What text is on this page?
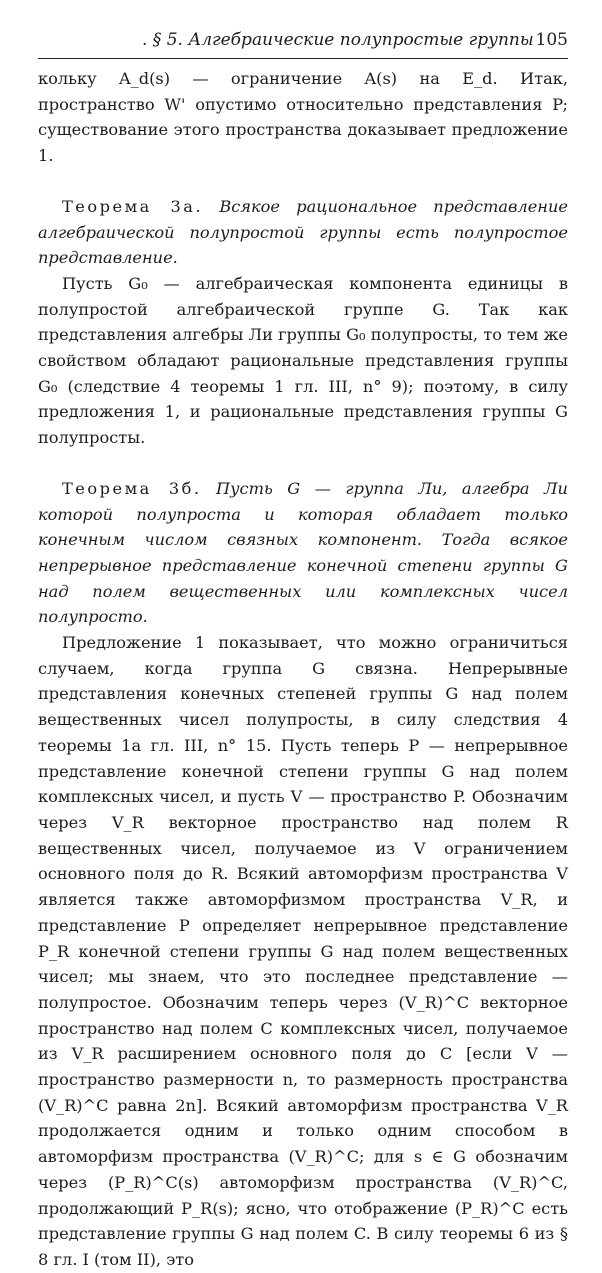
. § 5. Алгебраические полупростые группы 105

кольку A_d(s) — ограничение A(s) на E_d. Итак, пространство W' опустимо относительно представления P; существование этого пространства доказывает предложение 1.

Теорема 3а. Всякое рациональное представление алгебраической полупростой группы есть полупростое представление.

Пусть G₀ — алгебраическая компонента единицы в полупростой алгебраической группе G. Так как представления алгебры Ли группы G₀ полупросты, то тем же свойством обладают рациональные представления группы G₀ (следствие 4 теоремы 1 гл. III, n° 9); поэтому, в силу предложения 1, и рациональные представления группы G полупросты.

Теорема 3б. Пусть G — группа Ли, алгебра Ли которой полупроста и которая обладает только конечным числом связных компонент. Тогда всякое непрерывное представление конечной степени группы G над полем вещественных или комплексных чисел полупросто.

Предложение 1 показывает, что можно ограничиться случаем, когда группа G связна. Непрерывные представления конечных степеней группы G над полем вещественных чисел полупросты, в силу следствия 4 теоремы 1а гл. III, n° 15. Пусть теперь P — непрерывное представление конечной степени группы G над полем комплексных чисел, и пусть V — пространство P. Обозначим через V_R векторное пространство над полем R вещественных чисел, получаемое из V ограничением основного поля до R. Всякий автоморфизм пространства V является также автоморфизмом пространства V_R, и представление P определяет непрерывное представление P_R конечной степени группы G над полем вещественных чисел; мы знаем, что это последнее представление — полупростое. Обозначим теперь через (V_R)^C векторное пространство над полем C комплексных чисел, получаемое из V_R расширением основного поля до C [если V — пространство размерности n, то размерность пространства (V_R)^C равна 2n]. Всякий автоморфизм пространства V_R продолжается одним и только одним способом в автоморфизм пространства (V_R)^C; для s ∈ G обозначим через (P_R)^C(s) автоморфизм пространства (V_R)^C, продолжающий P_R(s); ясно, что отображение (P_R)^C есть представление группы G над полем C. В силу теоремы 6 из § 8 гл. I (том II), это
